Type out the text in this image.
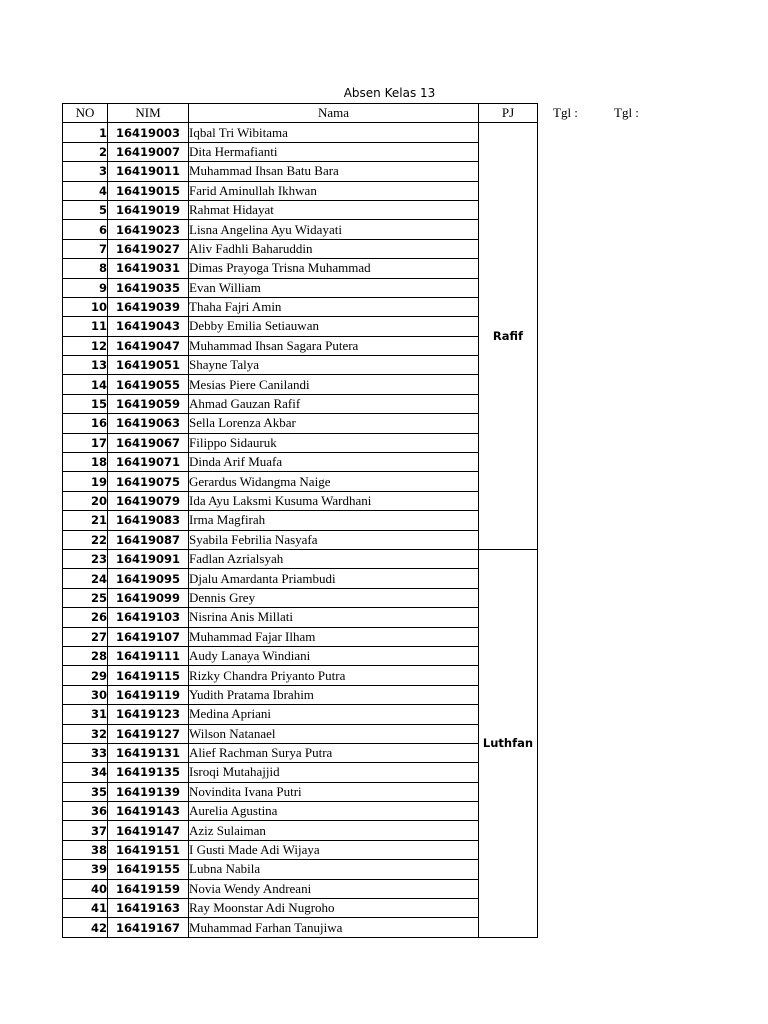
Absen Kelas 13
NO	NIM	Nama	PJ
1	16419003	Iqbal Tri Wibitama	Rafif
2	16419007	Dita Hermafianti	
3	16419011	Muhammad Ihsan Batu Bara	
4	16419015	Farid Aminullah Ikhwan	
5	16419019	Rahmat Hidayat	
6	16419023	Lisna Angelina Ayu Widayati	
7	16419027	Aliv Fadhli Baharuddin	
8	16419031	Dimas Prayoga Trisna Muhammad	
9	16419035	Evan William	
10	16419039	Thaha Fajri Amin	
11	16419043	Debby Emilia Setiauwan	
12	16419047	Muhammad Ihsan Sagara Putera	
13	16419051	Shayne Talya	
14	16419055	Mesias Piere Canilandi	
15	16419059	Ahmad Gauzan Rafif	
16	16419063	Sella Lorenza Akbar	
17	16419067	Filippo Sidauruk	
18	16419071	Dinda Arif Muafa	
19	16419075	Gerardus Widangma Naige	
20	16419079	Ida Ayu Laksmi Kusuma Wardhani	
21	16419083	Irma Magfirah	
22	16419087	Syabila Febrilia Nasyafa	
23	16419091	Fadlan Azrialsyah	Luthfan
24	16419095	Djalu Amardanta Priambudi	
25	16419099	Dennis Grey	
26	16419103	Nisrina Anis Millati	
27	16419107	Muhammad Fajar Ilham	
28	16419111	Audy Lanaya Windiani	
29	16419115	Rizky Chandra Priyanto Putra	
30	16419119	Yudith Pratama Ibrahim	
31	16419123	Medina Apriani	
32	16419127	Wilson Natanael	
33	16419131	Alief Rachman Surya Putra	
34	16419135	Isroqi Mutahajjid	
35	16419139	Novindita Ivana Putri	
36	16419143	Aurelia Agustina	
37	16419147	Aziz Sulaiman	
38	16419151	I Gusti Made Adi Wijaya	
39	16419155	Lubna Nabila	
40	16419159	Novia Wendy Andreani	
41	16419163	Ray Moonstar Adi Nugroho	
42	16419167	Muhammad Farhan Tanujiwa	
Tgl :	Tgl :
